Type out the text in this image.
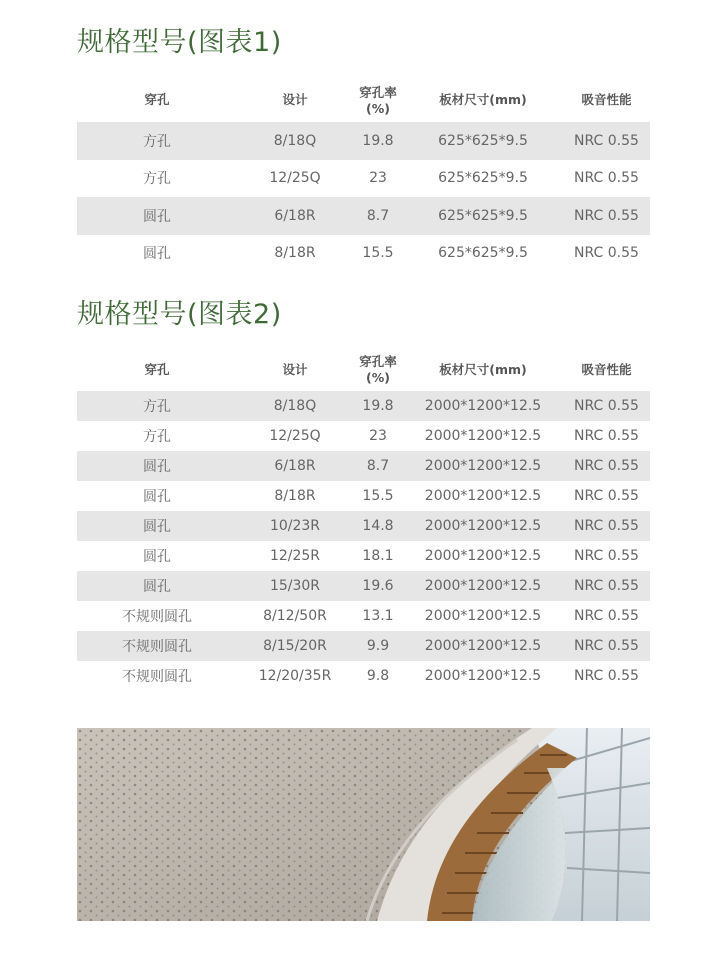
规格型号(图表1)
穿孔	设计	穿孔率(%)	板材尺寸(mm)	吸音性能
方孔	8/18Q	19.8	625*625*9.5	NRC 0.55
方孔	12/25Q	23	625*625*9.5	NRC 0.55
圆孔	6/18R	8.7	625*625*9.5	NRC 0.55
圆孔	8/18R	15.5	625*625*9.5	NRC 0.55
规格型号(图表2)
穿孔	设计	穿孔率(%)	板材尺寸(mm)	吸音性能
方孔	8/18Q	19.8	2000*1200*12.5	NRC 0.55
方孔	12/25Q	23	2000*1200*12.5	NRC 0.55
圆孔	6/18R	8.7	2000*1200*12.5	NRC 0.55
圆孔	8/18R	15.5	2000*1200*12.5	NRC 0.55
圆孔	10/23R	14.8	2000*1200*12.5	NRC 0.55
圆孔	12/25R	18.1	2000*1200*12.5	NRC 0.55
圆孔	15/30R	19.6	2000*1200*12.5	NRC 0.55
不规则圆孔	8/12/50R	13.1	2000*1200*12.5	NRC 0.55
不规则圆孔	8/15/20R	9.9	2000*1200*12.5	NRC 0.55
不规则圆孔	12/20/35R	9.8	2000*1200*12.5	NRC 0.55
